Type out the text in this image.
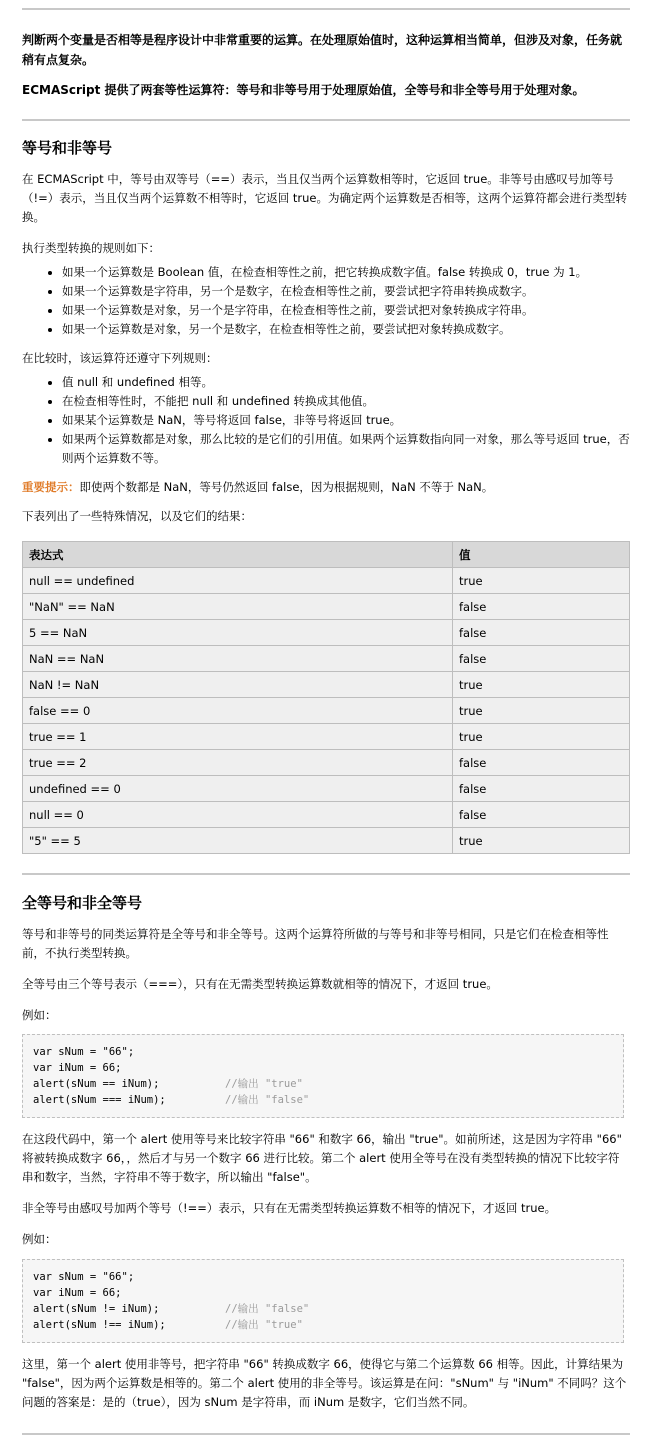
判断两个变量是否相等是程序设计中非常重要的运算。在处理原始值时，这种运算相当简单，但涉及对象，任务就稍有点复杂。

ECMAScript 提供了两套等性运算符：等号和非等号用于处理原始值，全等号和非全等号用于处理对象。

等号和非等号

在 ECMAScript 中，等号由双等号（==）表示，当且仅当两个运算数相等时，它返回 true。非等号由感叹号加等号（!=）表示，当且仅当两个运算数不相等时，它返回 true。为确定两个运算数是否相等，这两个运算符都会进行类型转换。

执行类型转换的规则如下：

• 如果一个运算数是 Boolean 值，在检查相等性之前，把它转换成数字值。false 转换成 0，true 为 1。
• 如果一个运算数是字符串，另一个是数字，在检查相等性之前，要尝试把字符串转换成数字。
• 如果一个运算数是对象，另一个是字符串，在检查相等性之前，要尝试把对象转换成字符串。
• 如果一个运算数是对象，另一个是数字，在检查相等性之前，要尝试把对象转换成数字。

在比较时，该运算符还遵守下列规则：

• 值 null 和 undefined 相等。
• 在检查相等性时，不能把 null 和 undefined 转换成其他值。
• 如果某个运算数是 NaN，等号将返回 false，非等号将返回 true。
• 如果两个运算数都是对象，那么比较的是它们的引用值。如果两个运算数指向同一对象，那么等号返回 true，否则两个运算数不等。

重要提示：即使两个数都是 NaN，等号仍然返回 false，因为根据规则，NaN 不等于 NaN。

下表列出了一些特殊情况，以及它们的结果：

表达式	值
null == undefined	true
"NaN" == NaN	false
5 == NaN	false
NaN == NaN	false
NaN != NaN	true
false == 0	true
true == 1	true
true == 2	false
undefined == 0	false
null == 0	false
"5" == 5	true
全等号和非全等号

等号和非等号的同类运算符是全等号和非全等号。这两个运算符所做的与等号和非等号相同，只是它们在检查相等性前，不执行类型转换。

全等号由三个等号表示（===），只有在无需类型转换运算数就相等的情况下，才返回 true。

例如：

var sNum = "66";
var iNum = 66;
alert(sNum == iNum);	//输出 "true"
alert(sNum === iNum);	//输出 "false"

在这段代码中，第一个 alert 使用等号来比较字符串 "66" 和数字 66，输出 "true"。如前所述，这是因为字符串 "66" 将被转换成数字 66，，然后才与另一个数字 66 进行比较。第二个 alert 使用全等号在没有类型转换的情况下比较字符串和数字，当然，字符串不等于数字，所以输出 "false"。

非全等号由感叹号加两个等号（!==）表示，只有在无需类型转换运算数不相等的情况下，才返回 true。

例如：

var sNum = "66";
var iNum = 66;
alert(sNum != iNum);	//输出 "false"
alert(sNum !== iNum);	//输出 "true"

这里，第一个 alert 使用非等号，把字符串 "66" 转换成数字 66，使得它与第二个运算数 66 相等。因此，计算结果为 "false"，因为两个运算数是相等的。第二个 alert 使用的非全等号。该运算是在问："sNum" 与 "iNum" 不同吗？这个问题的答案是：是的（true），因为 sNum 是字符串，而 iNum 是数字，它们当然不同。
